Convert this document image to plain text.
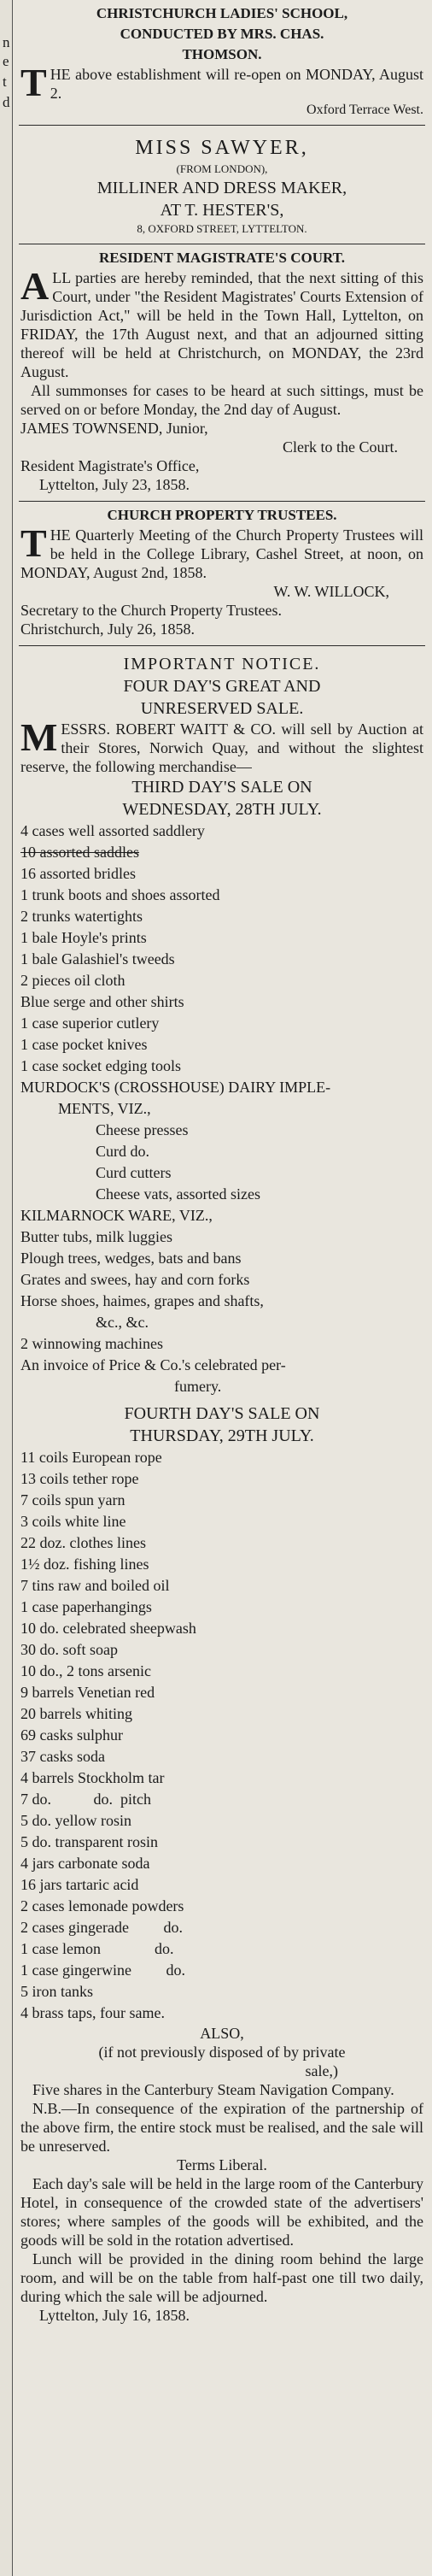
n
e
t
d
CHRISTCHURCH LADIES' SCHOOL,
CONDUCTED BY MRS. CHAS.
THOMSON.

THE above establishment will re-open on MONDAY, August 2.

Oxford Terrace West.
MISS SAWYER,
(FROM LONDON),
MILLINER AND DRESS MAKER,
AT T. HESTER'S,
8, OXFORD STREET, LYTTELTON.
RESIDENT MAGISTRATE'S COURT.

ALL parties are hereby reminded, that the next sitting of this Court, under "the Resident Magistrates' Courts Extension of Jurisdiction Act," will be held in the Town Hall, Lyttelton, on FRIDAY, the 17th August next, and that an adjourned sitting thereof will be held at Christchurch, on MONDAY, the 23rd August.

All summonses for cases to be heard at such sittings, must be served on or before Monday, the 2nd day of August.

JAMES TOWNSEND, Junior,
Clerk to the Court.
Resident Magistrate's Office,
Lyttelton, July 23, 1858.
CHURCH PROPERTY TRUSTEES.

THE Quarterly Meeting of the Church Property Trustees will be held in the College Library, Cashel Street, at noon, on MONDAY, August 2nd, 1858.

W. W. WILLOCK,
Secretary to the Church Property Trustees.
Christchurch, July 26, 1858.
IMPORTANT NOTICE.
FOUR DAY'S GREAT AND
UNRESERVED SALE.

MESSRS. ROBERT WAITT & CO. will sell by Auction at their Stores, Norwich Quay, and without the slightest reserve, the following merchandise—

THIRD DAY'S SALE ON
WEDNESDAY, 28TH JULY.
4 cases well assorted saddlery
10 assorted saddles
16 assorted bridles
1 trunk boots and shoes assorted
2 trunks watertights
1 bale Hoyle's prints
1 bale Galashiel's tweeds
2 pieces oil cloth
Blue serge and other shirts
1 case superior cutlery
1 case pocket knives
1 case socket edging tools
MURDOCK'S (CROSSHOUSE) DAIRY IMPLE-
MENTS, VIZ.,
Cheese presses
Curd do.
Curd cutters
Cheese vats, assorted sizes
KILMARNOCK WARE, VIZ.,
Butter tubs, milk luggies
Plough trees, wedges, bats and bans
Grates and swees, hay and corn forks
Horse shoes, haimes, grapes and shafts,
&c., &c.
2 winnowing machines
An invoice of Price & Co.'s celebrated per-
fumery.
FOURTH DAY'S SALE ON
THURSDAY, 29TH JULY.
11 coils European rope
13 coils tether rope
7 coils spun yarn
3 coils white line
22 doz. clothes lines
1½ doz. fishing lines
7 tins raw and boiled oil
1 case paperhangings
10 do. celebrated sheepwash
30 do. soft soap
10 do., 2 tons arsenic
9 barrels Venetian red
20 barrels whiting
69 casks sulphur
37 casks soda
4 barrels Stockholm tar
7 do.           do.  pitch
5 do. yellow rosin
5 do. transparent rosin
4 jars carbonate soda
16 jars tartaric acid
2 cases lemonade powders
2 cases gingerade         do.
1 case lemon              do.
1 case gingerwine         do.
5 iron tanks
4 brass taps, four same.
ALSO,
(if not previously disposed of by private
sale,)

Five shares in the Canterbury Steam Navigation Company.

N.B.—In consequence of the expiration of the partnership of the above firm, the entire stock must be realised, and the sale will be unreserved.

Terms Liberal.

Each day's sale will be held in the large room of the Canterbury Hotel, in consequence of the crowded state of the advertisers' stores; where samples of the goods will be exhibited, and the goods will be sold in the rotation advertised.

Lunch will be provided in the dining room behind the large room, and will be on the table from half-past one till two daily, during which the sale will be adjourned.

Lyttelton, July 16, 1858.
